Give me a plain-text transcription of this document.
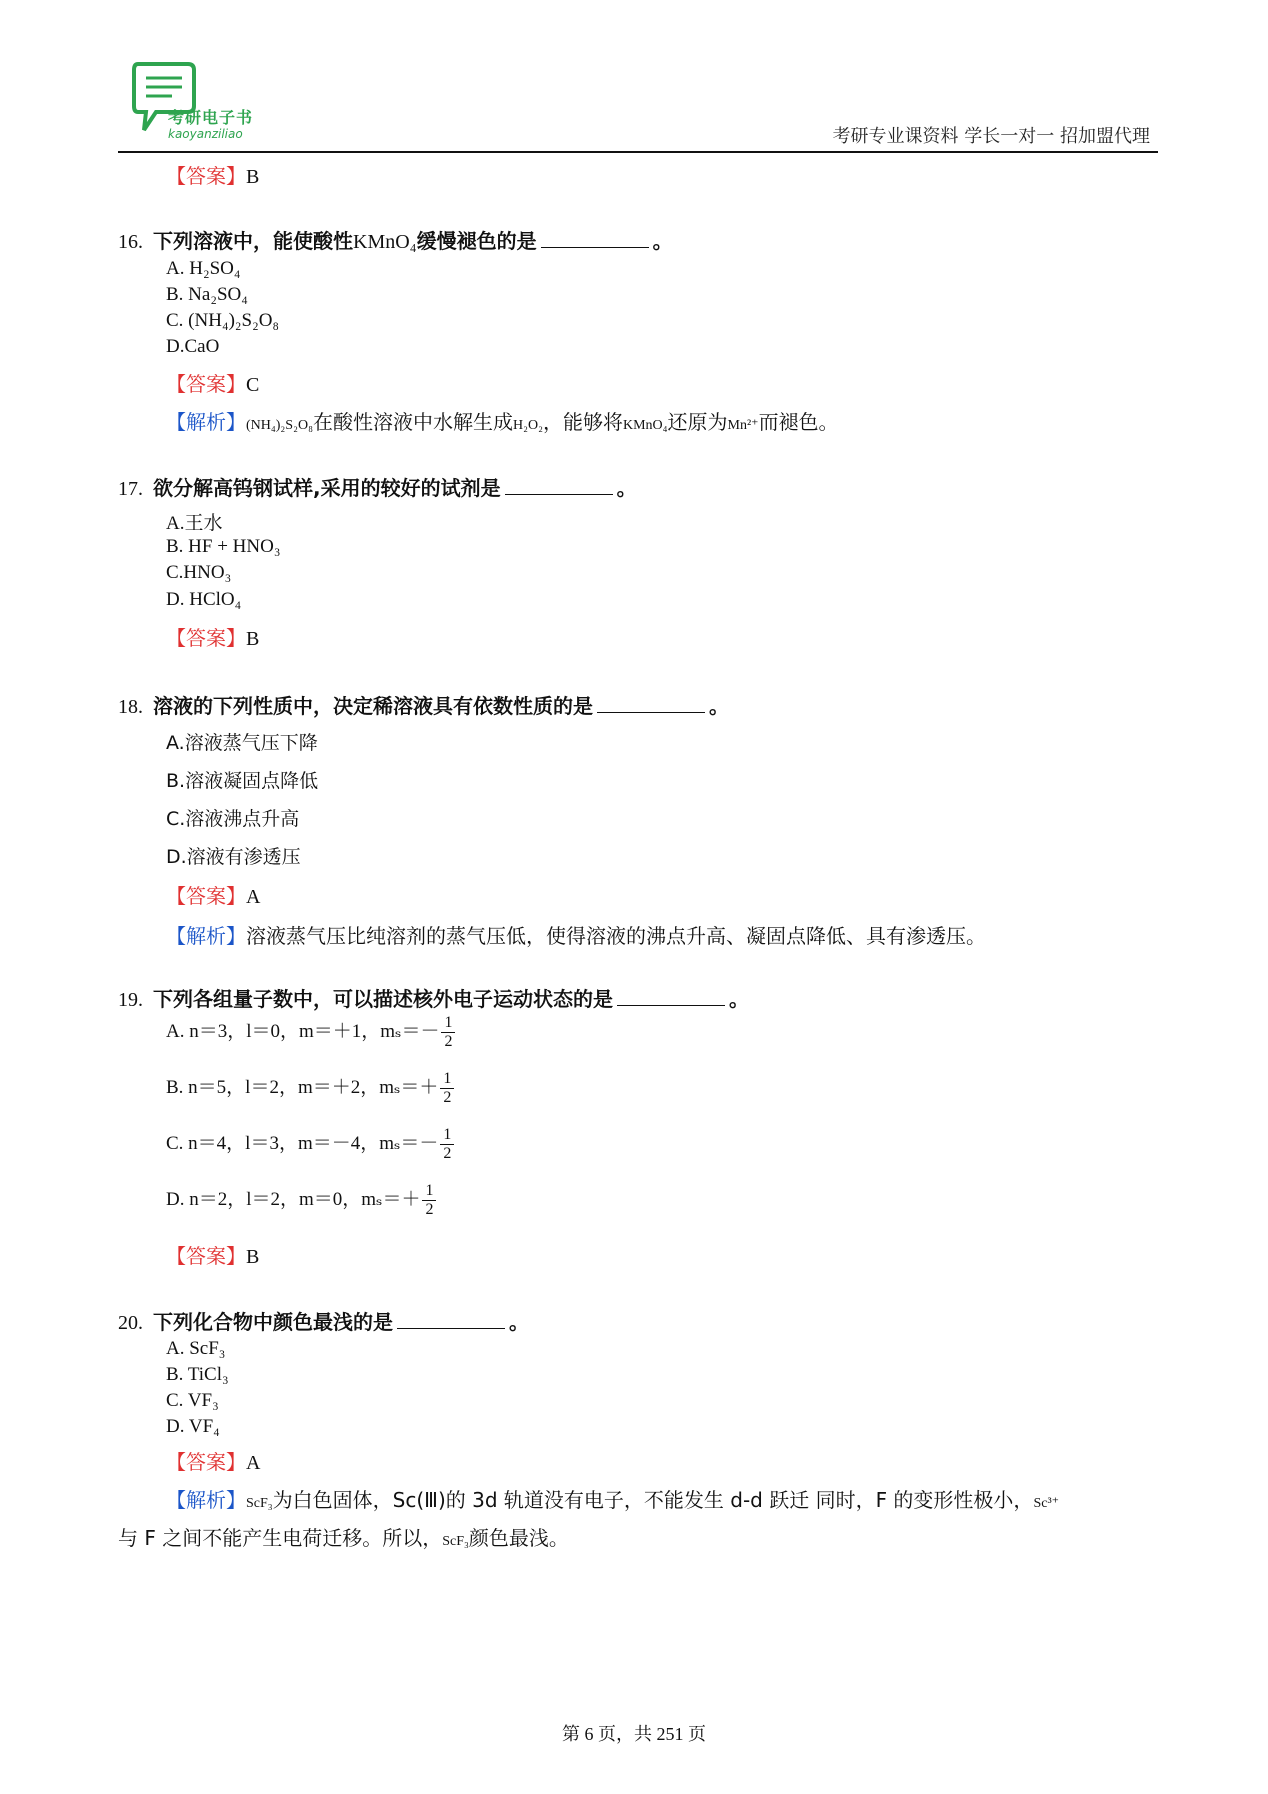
考研电子书
kaoyanziliao	考研专业课资料 学长一对一 招加盟代理
【答案】B
16. 下列溶液中，能使酸性KMnO₄缓慢褪色的是	。
A. H₂SO₄
B. Na₂SO₄
C. (NH₄)₂S₂O₈
D.CaO
【答案】C
【解析】(NH₄)₂S₂O₈在酸性溶液中水解生成H₂O₂，能够将KMnO₄还原为Mn²⁺而褪色。
17. 欲分解高钨钢试样,采用的较好的试剂是	。
A.王水
B. HF + HNO₃
C.HNO₃
D. HClO₄
【答案】B
18. 溶液的下列性质中，决定稀溶液具有依数性质的是	。
A.溶液蒸气压下降
B.溶液凝固点降低
C.溶液沸点升高
D.溶液有渗透压
【答案】A
【解析】溶液蒸气压比纯溶剂的蒸气压低，使得溶液的沸点升高、凝固点降低、具有渗透压。
19. 下列各组量子数中，可以描述核外电子运动状态的是	。
A. n＝3，l＝0，m＝＋1，$m_s=- \frac{1}{2}$
B. n＝5，l＝2，m＝＋2，$m_s=+ \frac{1}{2}$
C. n＝4，l＝3，m＝－4，$m_s=- \frac{1}{2}$
D. n＝2，l＝2，m＝0，$m_s=+ \frac{1}{2}$
【答案】B
20. 下列化合物中颜色最浅的是	。
A. ScF₃
B. TiCl₃
C. VF₃
D. VF₄
【答案】A
【解析】ScF₃为白色固体，Sc(Ⅲ)的 3d 轨道没有电子，不能发生 d-d 跃迁 同时，F 的变形性极小，Sc³⁺
与 F 之间不能产生电荷迁移。所以，ScF₃颜色最浅。
第 6 页，共 251 页
